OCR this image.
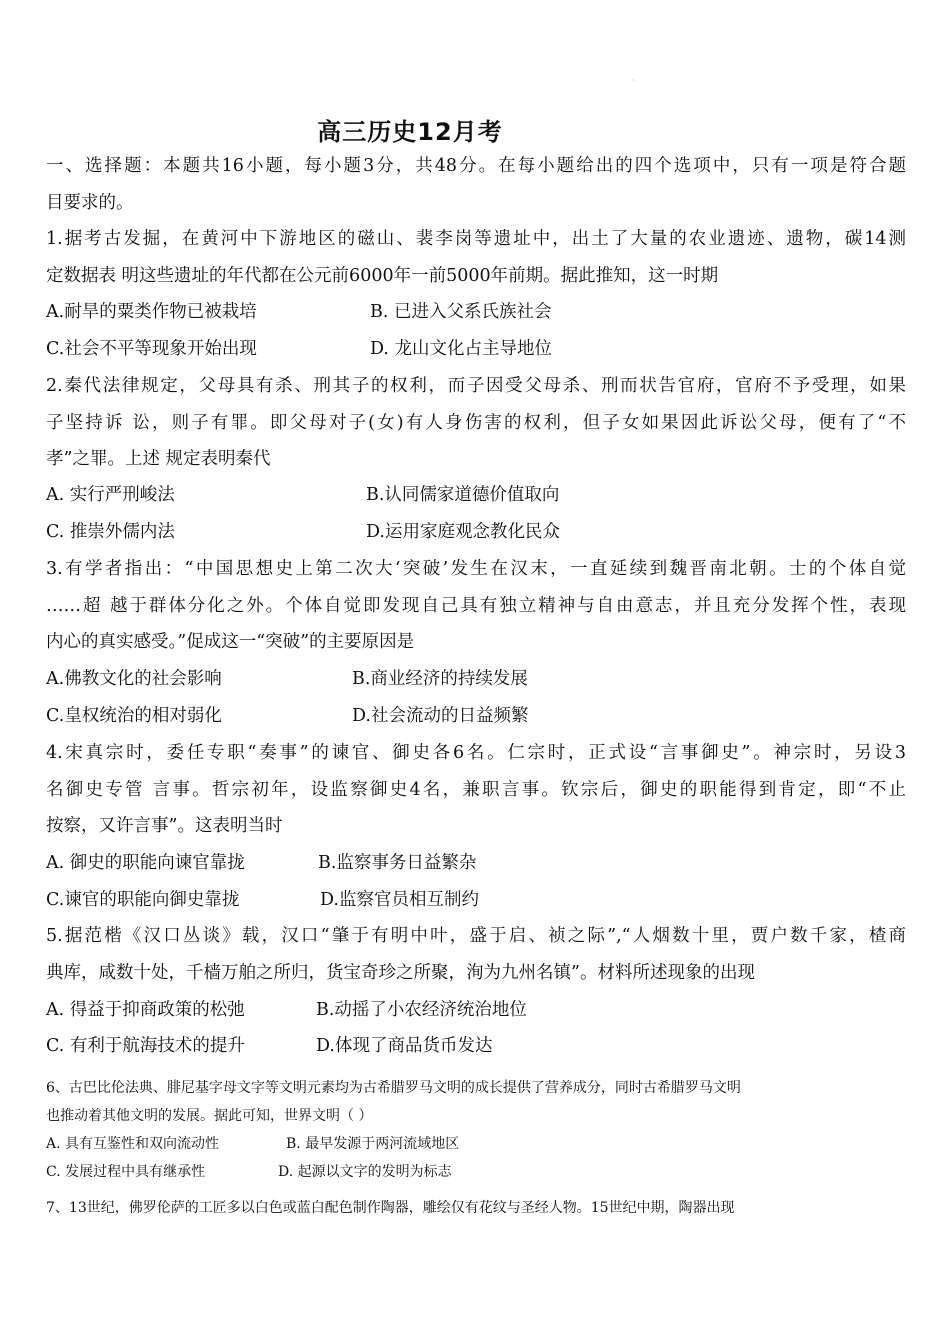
·
高三历史12月考
一、选择题：本题共16小题，每小题3分，共48分。在每小题给出的四个选项中，只有一项是符合题
目要求的。
1.据考古发掘，在黄河中下游地区的磁山、裴李岗等遗址中，出土了大量的农业遗迹、遗物，碳14测
定数据表 明这些遗址的年代都在公元前6000年一前5000年前期。据此推知，这一时期
A.耐旱的粟类作物已被栽培	B. 已进入父系氏族社会
C.社会不平等现象开始出现	D. 龙山文化占主导地位
2.秦代法律规定，父母具有杀、刑其子的权利，而子因受父母杀、刑而状告官府，官府不予受理，如果
子坚持诉 讼，则子有罪。即父母对子(女)有人身伤害的权利，但子女如果因此诉讼父母，便有了“不
孝”之罪。上述 规定表明秦代
A. 实行严刑峻法	B.认同儒家道德价值取向
C. 推崇外儒内法	D.运用家庭观念教化民众
3.有学者指出：“中国思想史上第二次大‘突破’发生在汉末，一直延续到魏晋南北朝。士的个体自觉
……超 越于群体分化之外。个体自觉即发现自己具有独立精神与自由意志，并且充分发挥个性，表现
内心的真实感受。”促成这一“突破”的主要原因是
A.佛教文化的社会影响	B.商业经济的持续发展
C.皇权统治的相对弱化	D.社会流动的日益频繁
4.宋真宗时，委任专职“奏事”的谏官、御史各6名。仁宗时，正式设“言事御史”。神宗时，另设3
名御史专管 言事。哲宗初年，设监察御史4名，兼职言事。钦宗后，御史的职能得到肯定，即“不止
按察，又许言事”。这表明当时
A. 御史的职能向谏官靠拢	B.监察事务日益繁杂
C.谏官的职能向御史靠拢	D.监察官员相互制约
5.据范楷《汉口丛谈》载，汉口“肇于有明中叶，盛于启、祯之际”,“人烟数十里，贾户数千家，楂商
典库，咸数十处，千樯万舶之所归，货宝奇珍之所聚，洵为九州名镇”。材料所述现象的出现
A. 得益于抑商政策的松弛	B.动摇了小农经济统治地位
C. 有利于航海技术的提升	D.体现了商品货币发达
6、古巴比伦法典、腓尼基字母文字等文明元素均为古希腊罗马文明的成长提供了营养成分，同时古希腊罗马文明
也推动着其他文明的发展。据此可知，世界文明（ ）
A. 具有互鉴性和双向流动性	B. 最早发源于两河流域地区
C. 发展过程中具有继承性	D. 起源以文字的发明为标志
7、13世纪，佛罗伦萨的工匠多以白色或蓝白配色制作陶器，雕绘仅有花纹与圣经人物。15世纪中期，陶器出现
